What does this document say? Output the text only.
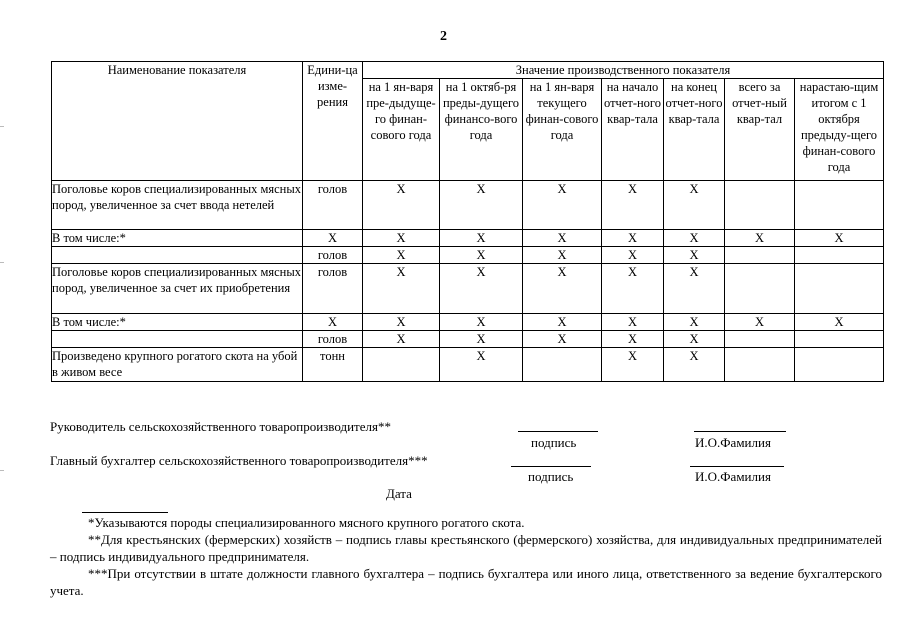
2
Наименование показателя	Едини-ца изме-рения	Значение производственного показателя						
		на 1 ян-варя пре-дыдуще-го финан-сового года	на 1 октяб-ря преды-дущего финансо-вого года	на 1 ян-варя текущего финан-сового года	на начало отчет-ного квар-тала	на конец отчет-ного квар-тала	всего за отчет-ный квар-тал	нарастаю-щим итогом с 1 октября предыду-щего финан-сового года
Поголовье коров специализированных мясных пород, увеличенное за счет ввода нетелей	голов	X	X	X	X	X		
В том числе:*	X	X	X	X	X	X	X	X
	голов	X	X	X	X	X		
Поголовье коров специализированных мясных пород, увеличенное за счет их приобретения	голов	X	X	X	X	X		
В том числе:*	X	X	X	X	X	X	X	X
	голов	X	X	X	X	X		
Произведено крупного рогатого скота на убой в живом весе	тонн		X		X	X		
Руководитель сельскохозяйственного товаропроизводителя**
подпись	И.О.Фамилия
Главный бухгалтер сельскохозяйственного товаропроизводителя***
подпись	И.О.Фамилия
Дата
*Указываются породы специализированного мясного крупного рогатого скота.
**Для крестьянских (фермерских) хозяйств – подпись главы крестьянского (фермерского) хозяйства, для индивидуальных предпринимателей – подпись индивидуального предпринимателя.
***При отсутствии в штате должности главного бухгалтера – подпись бухгалтера или иного лица, ответственного за ведение бухгалтерского учета.
